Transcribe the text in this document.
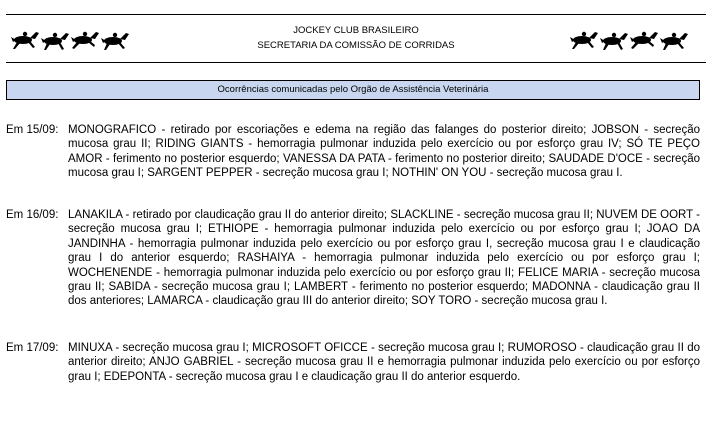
JOCKEY CLUB BRASILEIRO
SECRETARIA DA COMISSÃO DE CORRIDAS
Ocorrências comunicadas pelo Orgão de Assistência Veterinária
Em 15/09: MONOGRAFICO - retirado por escoriações e edema na região das falanges do posterior direito; JOBSON - secreção mucosa grau II; RIDING GIANTS - hemorragia pulmonar induzida pelo exercício ou por esforço grau IV; SÓ TE PEÇO AMOR - ferimento no posterior esquerdo; VANESSA DA PATA - ferimento no posterior direito; SAUDADE D'OCE - secreção mucosa grau I; SARGENT PEPPER - secreção mucosa grau I; NOTHIN' ON YOU - secreção mucosa grau I.

Em 16/09: LANAKILA - retirado por claudicação grau II do anterior direito; SLACKLINE - secreção mucosa grau II; NUVEM DE OORT - secreção mucosa grau I; ETHIOPE - hemorragia pulmonar induzida pelo exercício ou por esforço grau I; JOAO DA JANDINHA - hemorragia pulmonar induzida pelo exercício ou por esforço grau I, secreção mucosa grau I e claudicação grau I do anterior esquerdo; RASHAIYA - hemorragia pulmonar induzida pelo exercício ou por esforço grau I; WOCHENENDE - hemorragia pulmonar induzida pelo exercício ou por esforço grau II; FELICE MARIA - secreção mucosa grau II; SABIDA - secreção mucosa grau I; LAMBERT - ferimento no posterior esquerdo; MADONNA - claudicação grau II dos anteriores; LAMARCA - claudicação grau III do anterior direito; SOY TORO - secreção mucosa grau I.

Em 17/09: MINUXA - secreção mucosa grau I; MICROSOFT OFICCE - secreção mucosa grau I; RUMOROSO - claudicação grau II do anterior direito; ANJO GABRIEL - secreção mucosa grau II e hemorragia pulmonar induzida pelo exercício ou por esforço grau I; EDEPONTA - secreção mucosa grau I e claudicação grau II do anterior esquerdo.
